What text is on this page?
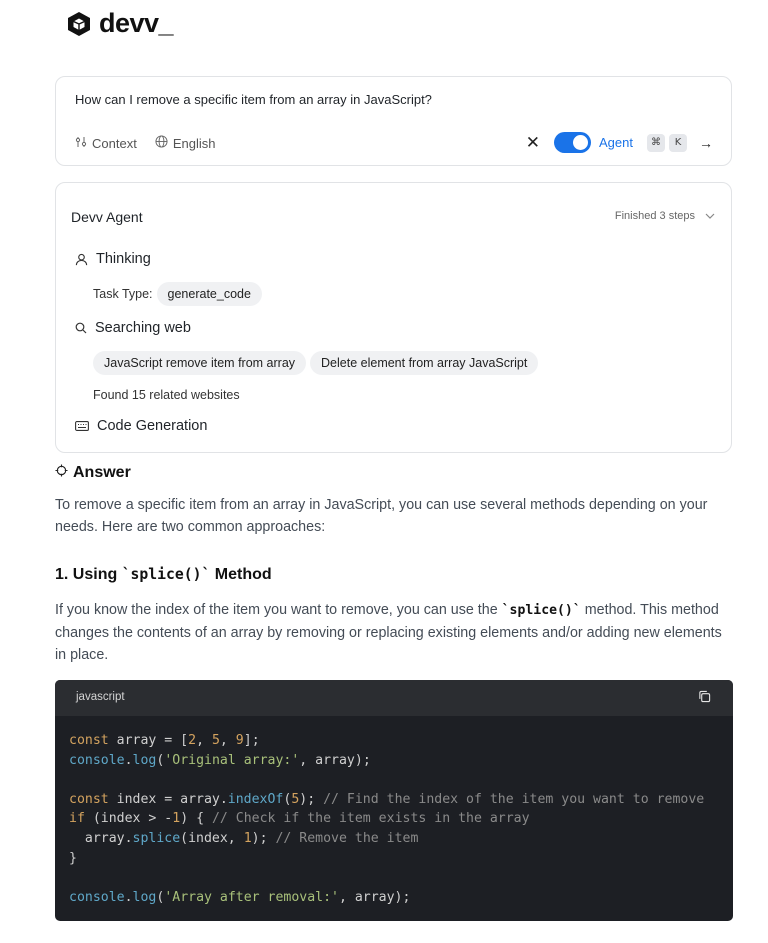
devv_
How can I remove a specific item from an array in JavaScript?
Context	English	✕	Agent	⌘	K	→
Devv Agent	Finished 3 steps
Thinking
Task Type:	generate_code
Searching web
JavaScript remove item from array	Delete element from array JavaScript
Found 15 related websites
Code Generation
Answer
To remove a specific item from an array in JavaScript, you can use several methods depending on your needs. Here are two common approaches:
1. Using `splice()` Method
If you know the index of the item you want to remove, you can use the `splice()` method. This method changes the contents of an array by removing or replacing existing elements and/or adding new elements in place.
javascript
const array = [2, 5, 9];
console.log('Original array:', array);

const index = array.indexOf(5); // Find the index of the item you want to remove
if (index > -1) { // Check if the item exists in the array
array.splice(index, 1); // Remove the item
}

console.log('Array after removal:', array);
